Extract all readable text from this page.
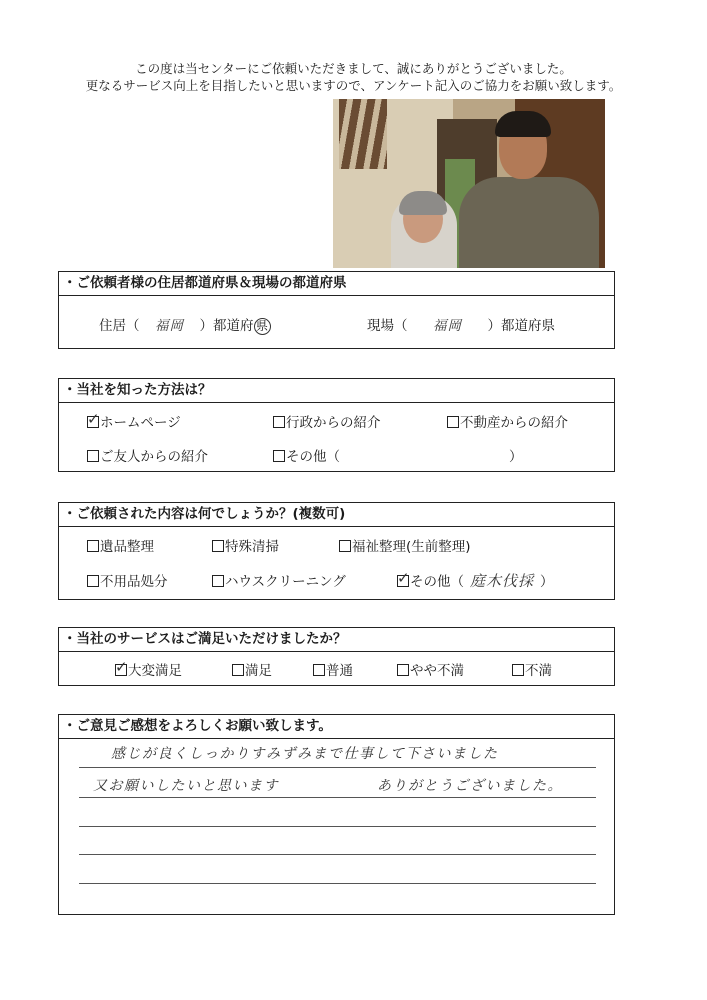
この度は当センターにご依頼いただきまして、誠にありがとうございました。
更なるサービス向上を目指したいと思いますので、アンケート記入のご協力をお願い致します。
・ご依頼者様の住居都道府県＆現場の都道府県
住居（ 福岡 ）都道府 県	現場（ 福岡 ）都道府県
・当社を知った方法は？
✓ホームページ	行政からの紹介	不動産からの紹介
ご友人からの紹介	その他（	）
・ご依頼された内容は何でしょうか？(複数可)
遺品整理	特殊清掃	福祉整理(生前整理)
不用品処分	ハウスクリーニング
✓	その他（ 庭木伐採 ）
・当社のサービスはご満足いただけましたか？
✓大変満足	満足	普通	やや不満	不満
・ご意見ご感想をよろしくお願い致します。
感じが良くしっかりすみずみまで仕事して下さいました
又お願いしたいと思います	ありがとうございました。
